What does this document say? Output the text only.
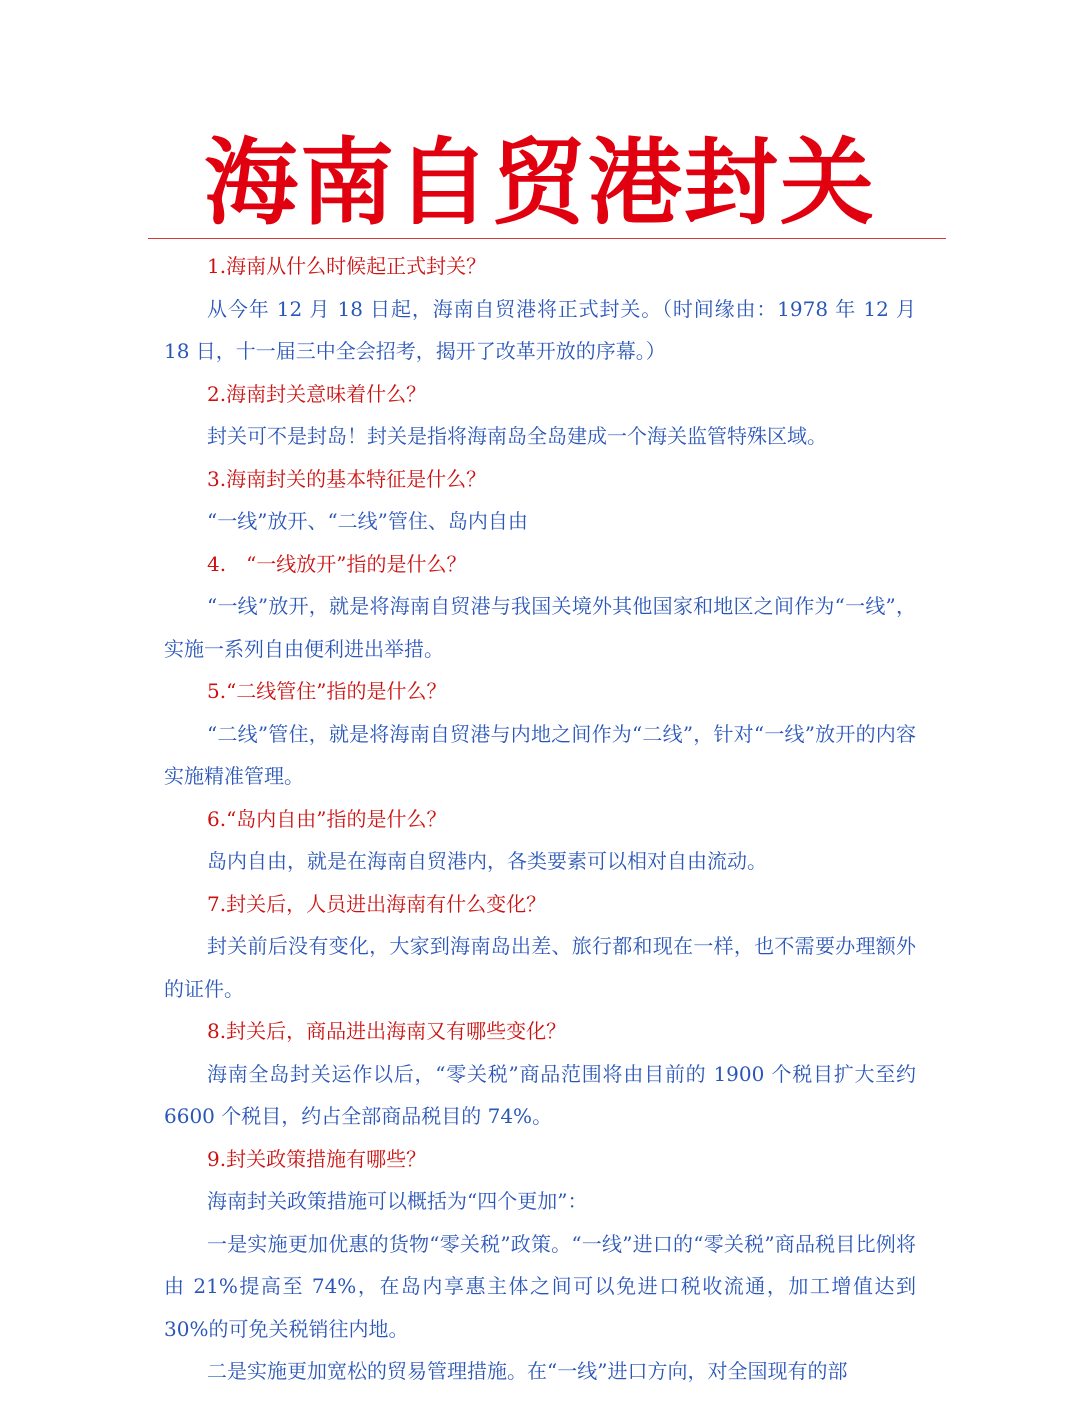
海南自贸港封关

1.海南从什么时候起正式封关？

从今年 12 月 18 日起，海南自贸港将正式封关。（时间缘由：1978 年 12 月 18 日，十一届三中全会招考，揭开了改革开放的序幕。）

2.海南封关意味着什么？

封关可不是封岛！封关是指将海南岛全岛建成一个海关监管特殊区域。

3.海南封关的基本特征是什么？

“一线”放开、“二线”管住、岛内自由

4.　“一线放开”指的是什么？

“一线”放开，就是将海南自贸港与我国关境外其他国家和地区之间作为“一线”，实施一系列自由便利进出举措。

5.“二线管住”指的是什么？

“二线”管住，就是将海南自贸港与内地之间作为“二线”，针对“一线”放开的内容实施精准管理。

6.“岛内自由”指的是什么？

岛内自由，就是在海南自贸港内，各类要素可以相对自由流动。

7.封关后，人员进出海南有什么变化？

封关前后没有变化，大家到海南岛出差、旅行都和现在一样，也不需要办理额外的证件。

8.封关后，商品进出海南又有哪些变化？

海南全岛封关运作以后，“零关税”商品范围将由目前的 1900 个税目扩大至约 6600 个税目，约占全部商品税目的 74%。

9.封关政策措施有哪些？

海南封关政策措施可以概括为“四个更加”：

一是实施更加优惠的货物“零关税”政策。“一线”进口的“零关税”商品税目比例将由 21%提高至 74%，在岛内享惠主体之间可以免进口税收流通，加工增值达到 30%的可免关税销往内地。

二是实施更加宽松的贸易管理措施。在“一线”进口方向，对全国现有的部
